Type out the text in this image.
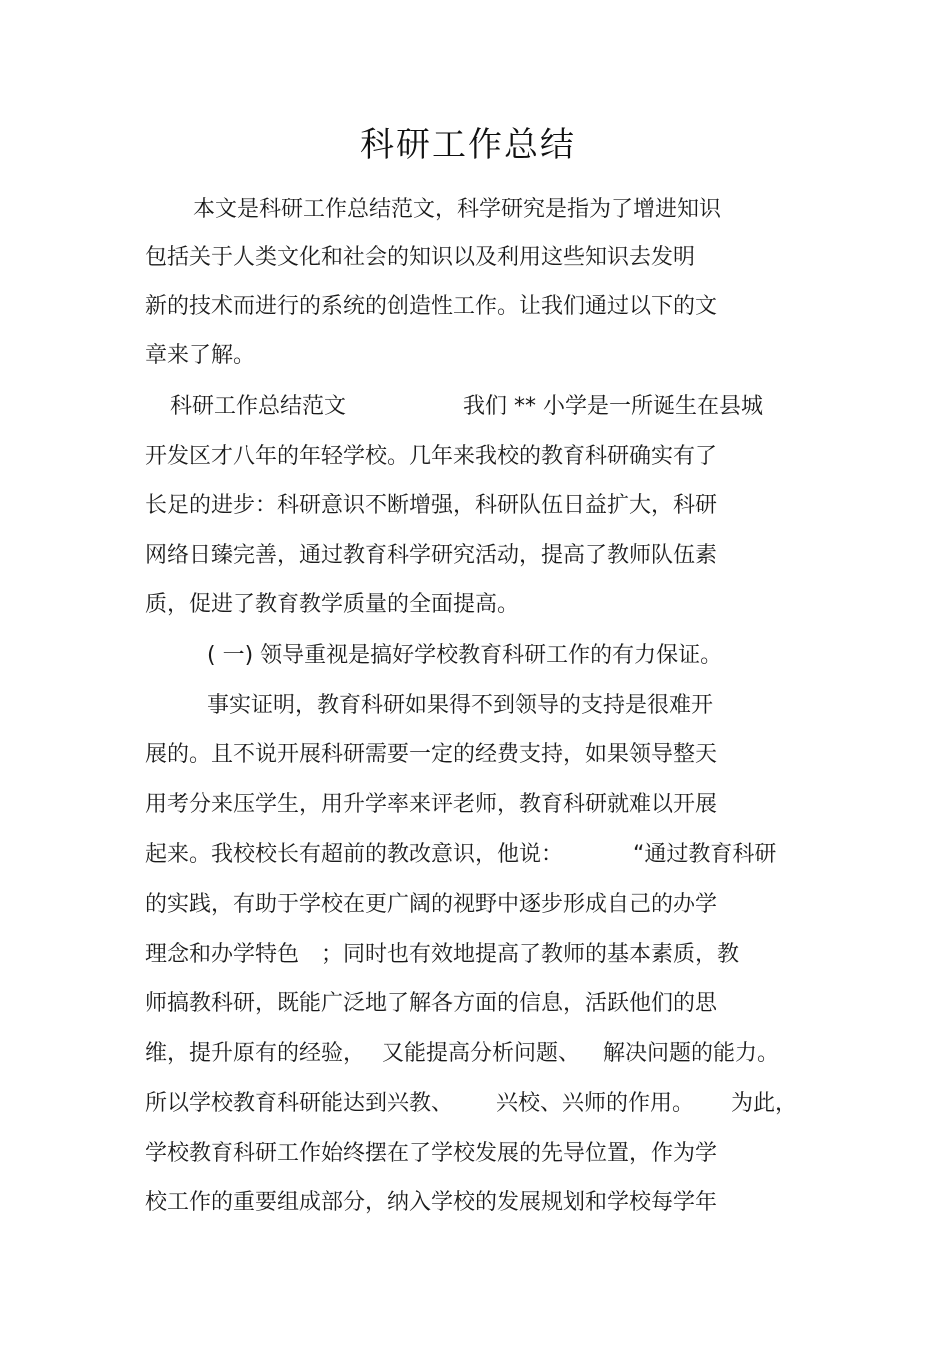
科研工作总结
本文是科研工作总结范文，科学研究是指为了增进知识
包括关于人类文化和社会的知识以及利用这些知识去发明
新的技术而进行的系统的创造性工作。让我们通过以下的文
章来了解。
科研工作总结范文	我们 ** 小学是一所诞生在县城
开发区才八年的年轻学校。几年来我校的教育科研确实有了
长足的进步：科研意识不断增强，科研队伍日益扩大，科研
网络日臻完善，通过教育科学研究活动，提高了教师队伍素
质，促进了教育教学质量的全面提高。
( 一) 领导重视是搞好学校教育科研工作的有力保证。
事实证明，教育科研如果得不到领导的支持是很难开
展的。且不说开展科研需要一定的经费支持，如果领导整天
用考分来压学生，用升学率来评老师，教育科研就难以开展
起来。我校校长有超前的教改意识，他说：	“通过教育科研
的实践，有助于学校在更广阔的视野中逐步形成自己的办学
理念和办学特色 ；同时也有效地提高了教师的基本素质，教
师搞教科研，既能广泛地了解各方面的信息，活跃他们的思
维，提升原有的经验， 又能提高分析问题、 解决问题的能力。
所以学校教育科研能达到兴教、 兴校、兴师的作用。 为此，
学校教育科研工作始终摆在了学校发展的先导位置，作为学
校工作的重要组成部分，纳入学校的发展规划和学校每学年
